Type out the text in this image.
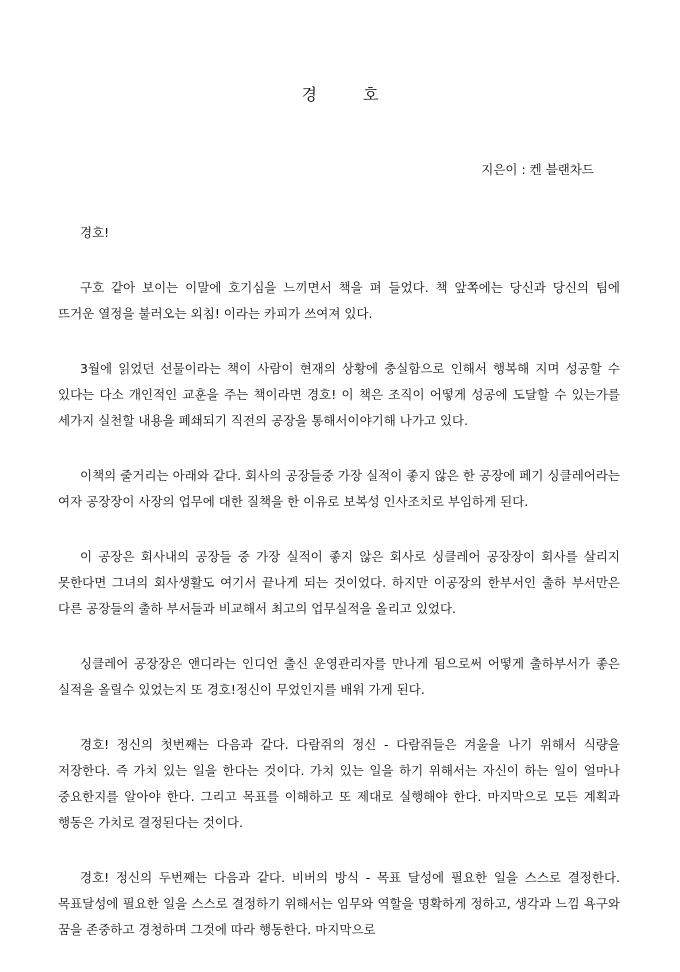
경	호
지은이 : 켄 블랜차드

경호!

구호 같아 보이는 이말에 호기심을 느끼면서 책을 펴 들었다. 책 앞쪽에는 당신과 당신의 팀에 뜨거운 열정을 불러오는 외침! 이라는 카피가 쓰여져 있다.

3월에 읽었던 선물이라는 책이 사람이 현재의 상황에 충실함으로 인해서 행복해 지며 성공할 수 있다는 다소 개인적인 교훈을 주는 책이라면 경호! 이 책은 조직이 어떻게 성공에 도달할 수 있는가를 세가지 실천할 내용을 폐쇄되기 직전의 공장을 통해서이야기해 나가고 있다.

이책의 줄거리는 아래와 같다. 회사의 공장들중 가장 실적이 좋지 않은 한 공장에 페기 싱클레어라는 여자 공장장이 사장의 업무에 대한 질책을 한 이유로 보복성 인사조치로 부임하게 된다.

이 공장은 회사내의 공장들 중 가장 실적이 좋지 않은 회사로 싱클레어 공장장이 회사를 살리지 못한다면 그녀의 회사생활도 여기서 끝나게 되는 것이었다. 하지만 이공장의 한부서인 출하 부서만은 다른 공장들의 출하 부서들과 비교해서 최고의 업무실적을 올리고 있었다.

싱클레어 공장장은 앤디라는 인디언 출신 운영관리자를 만나게 됨으로써 어떻게 출하부서가 좋은 실적을 올릴수 있었는지 또 경호!정신이 무었인지를 배워 가게 된다.

경호! 정신의 첫번째는 다음과 같다. 다람쥐의 정신 - 다람쥐들은 겨울을 나기 위해서 식량을 저장한다. 즉 가치 있는 일을 한다는 것이다. 가치 있는 일을 하기 위해서는 자신이 하는 일이 얼마나 중요한지를 알아야 한다. 그리고 목표를 이해하고 또 제대로 실행해야 한다. 마지막으로 모든 계획과 행동은 가치로 결정된다는 것이다.

경호! 정신의 두번째는 다음과 같다. 비버의 방식 - 목표 달성에 필요한 일을 스스로 결정한다. 목표달성에 필요한 일을 스스로 결정하기 위해서는 임무와 역할을 명확하게 정하고, 생각과 느낌 욕구와 꿈을 존중하고 경청하며 그것에 따라 행동한다. 마지막으로
